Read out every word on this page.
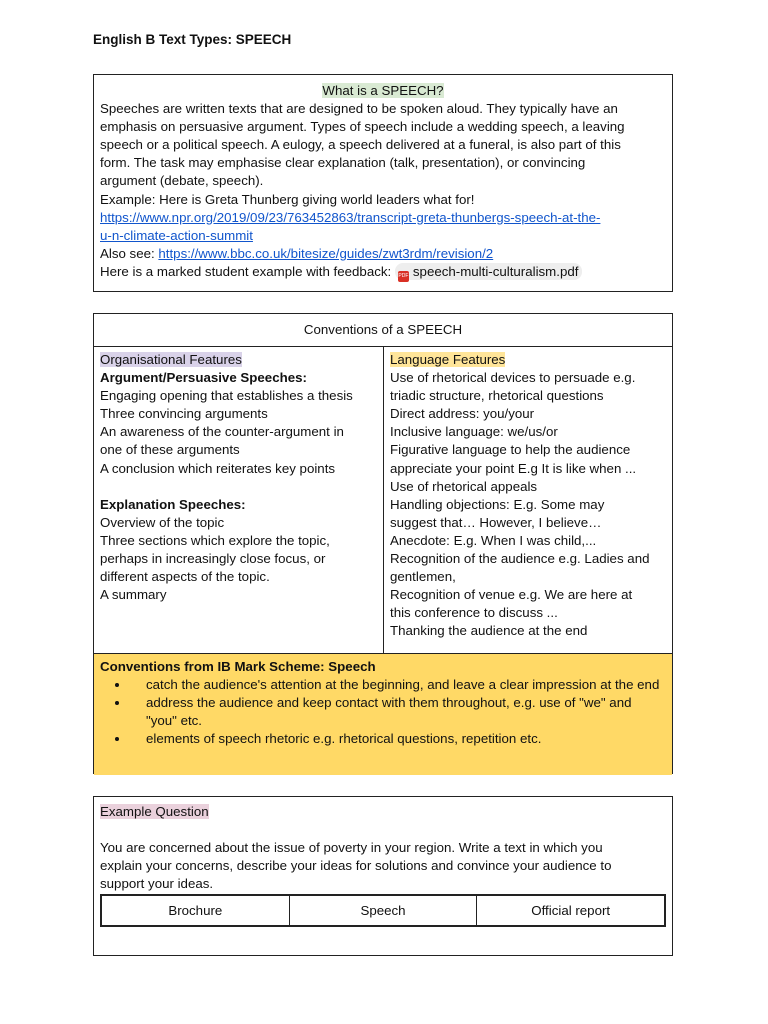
English B Text Types: SPEECH
What is a SPEECH?
Speeches are written texts that are designed to be spoken aloud. They typically have an
emphasis on persuasive argument. Types of speech include a wedding speech, a leaving
speech or a political speech. A eulogy, a speech delivered at a funeral, is also part of this
form. The task may emphasise clear explanation (talk, presentation), or convincing
argument (debate, speech).
Example: Here is Greta Thunberg giving world leaders what for!
https://www.npr.org/2019/09/23/763452863/transcript-greta-thunbergs-speech-at-the-
u-n-climate-action-summit
Also see: https://www.bbc.co.uk/bitesize/guides/zwt3rdm/revision/2
Here is a marked student example with feedback: PDF speech-multi-culturalism.pdf
Conventions of a SPEECH
Organisational Features
Argument/Persuasive Speeches:
Engaging opening that establishes a thesis
Three convincing arguments
An awareness of the counter-argument in
one of these arguments
A conclusion which reiterates key points
Explanation Speeches:
Overview of the topic
Three sections which explore the topic,
perhaps in increasingly close focus, or
different aspects of the topic.
A summary
Language Features
Use of rhetorical devices to persuade e.g.
triadic structure, rhetorical questions
Direct address: you/your
Inclusive language: we/us/or
Figurative language to help the audience
appreciate your point E.g It is like when ...
Use of rhetorical appeals
Handling objections: E.g. Some may
suggest that… However, I believe…
Anecdote: E.g. When I was child,...
Recognition of the audience e.g. Ladies and
gentlemen,
Recognition of venue e.g. We are here at
this conference to discuss ...
Thanking the audience at the end
Conventions from IB Mark Scheme: Speech
• catch the audience's attention at the beginning, and leave a clear impression at the end
• address the audience and keep contact with them throughout, e.g. use of "we" and "you" etc.
• elements of speech rhetoric e.g. rhetorical questions, repetition etc.
Example Question
You are concerned about the issue of poverty in your region. Write a text in which you
explain your concerns, describe your ideas for solutions and convince your audience to
support your ideas.
Brochure	Speech	Official report
